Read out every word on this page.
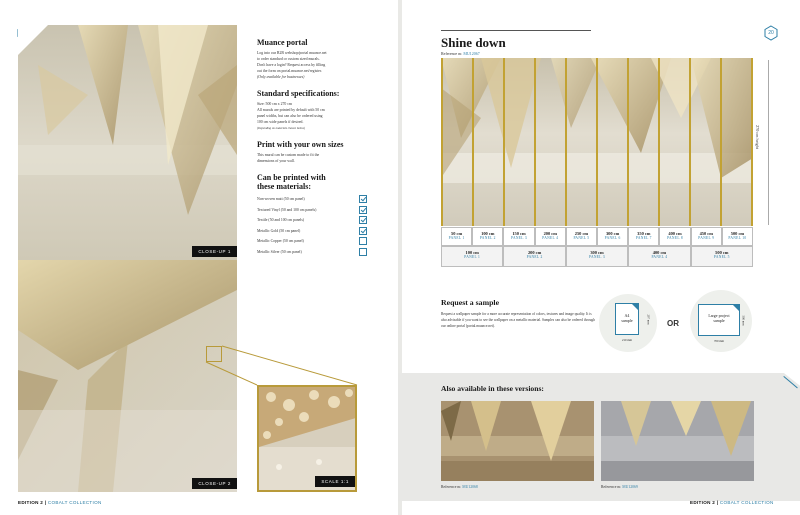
20
CLOSE-UP 1
CLOSE-UP 2	SCALE 1:1
Muance portal
Log into our B2B webshop/portal muance.net
to order standard or custom sized murals.
Don't have a login? Request access by filling
out the form on portal.muance.net/register.
(Only available for businesses)
Standard specifications:
Size: 500 cm x 270 cm
All murals are printed by default with 50 cm
panel widths, but can also be ordered using
100 cm wide panels if desired.
(Depending on materials chosen below)
Print with your own sizes
This mural can be custom made to fit the
dimensions of your wall.
Can be printed with
these materials:
Non-woven matt (50 cm panel)
Textured Vinyl (50 and 100 cm panels)
Textile (50 and 100 cm panels)
Metallic Gold (50 cm panel)
Metallic Copper (50 cm panel)
Metallic Silver (50 cm panel)
EDITION 2 | COBALT COLLECTION
Shine down
Reference nr. MU12067
270 cm height
50 cm
PANEL 1
100 cm
PANEL 2
150 cm
PANEL 3
200 cm
PANEL 4
250 cm
PANEL 5
300 cm
PANEL 6
350 cm
PANEL 7
400 cm
PANEL 8
450 cm
PANEL 9
500 cm
PANEL 10
100 cm
PANEL 1
200 cm
PANEL 2
300 cm
PANEL 3
400 cm
PANEL 4
500 cm
PANEL 5
Request a sample
Request a wallpaper sample for a more accurate representation of colors, textures and image quality. It is also advisable if you want to see the wallpaper on a metallic material. Samples can also be ordered through our online portal (portal.muance.net).
A4
sample
210 mm
297 mm OR
Large project
sample
700 mm
500 mm
Also available in these versions:
Reference nr. MU12068	Reference nr. MU12069
EDITION 2 | COBALT COLLECTION
